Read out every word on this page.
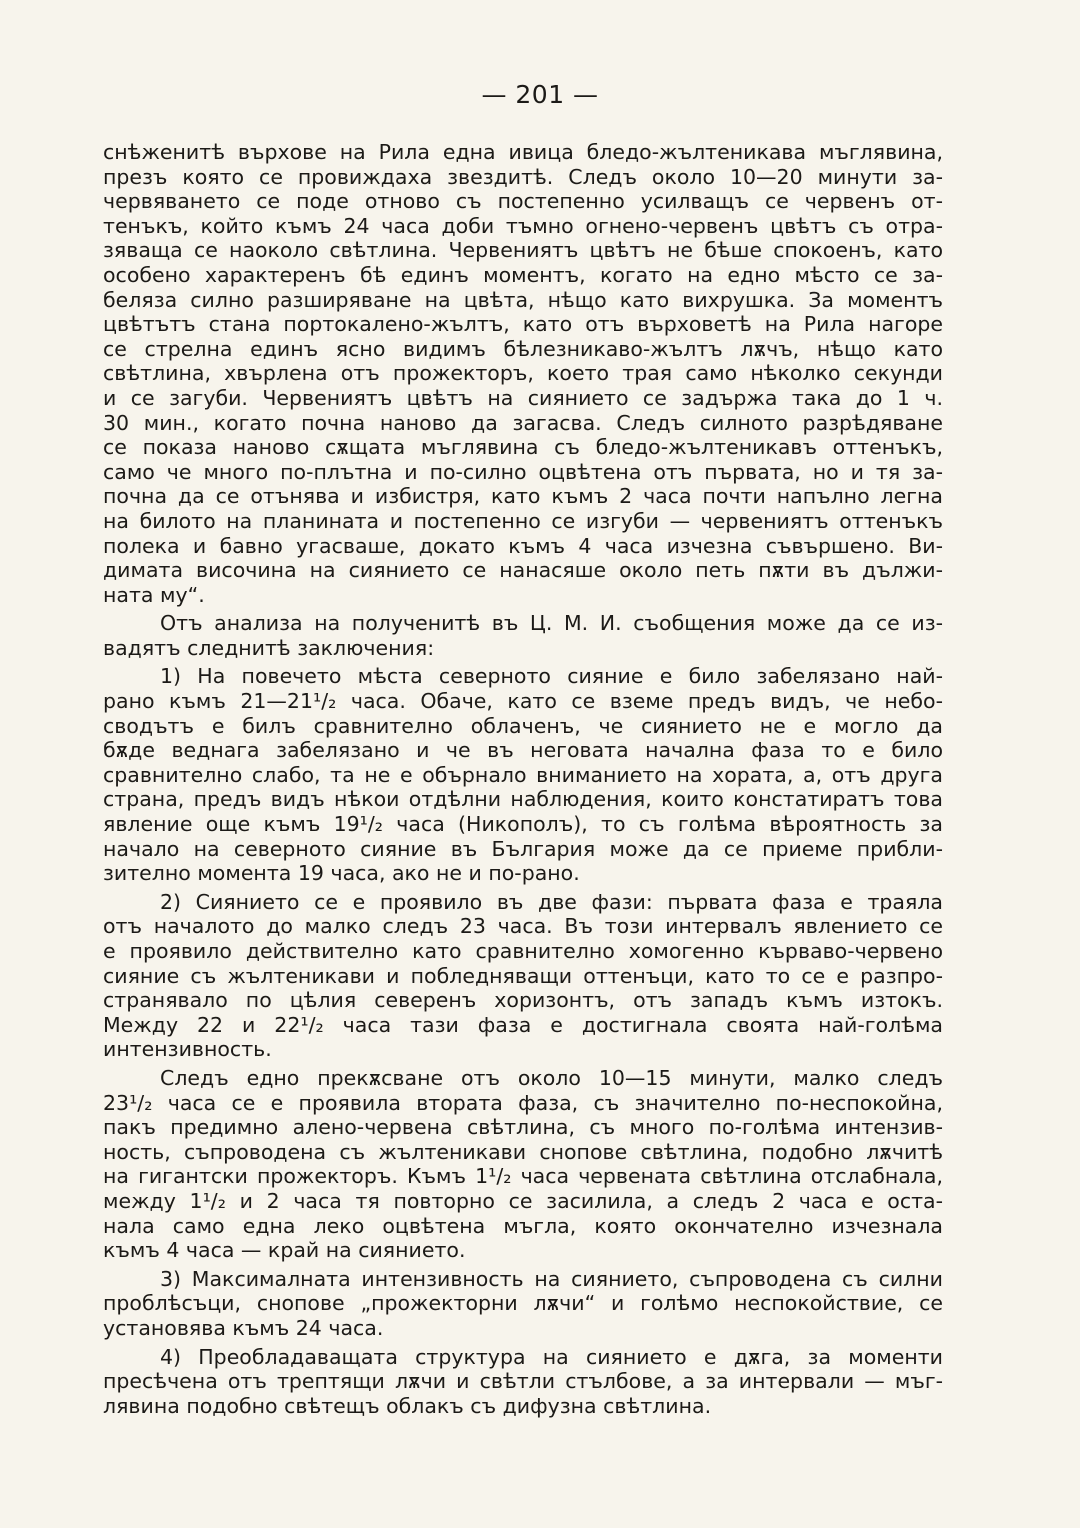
— 201 —
снѣженитѣ върхове на Рила една ивица бледо-жълтеникава мъглявина,
презъ която се провиждаха звездитѣ. Следъ около 10—20 минути за-
червяването се поде отново съ постепенно усилващъ се червенъ от-
тенъкъ, който къмъ 24 часа доби тъмно огнено-червенъ цвѣтъ съ отра-
зяваща се наоколо свѣтлина. Червениятъ цвѣтъ не бѣше спокоенъ, като
особено характеренъ бѣ единъ моментъ, когато на едно мѣсто се за-
беляза силно разширяване на цвѣта, нѣщо като вихрушка. За моментъ
цвѣтътъ стана портокалено-жълтъ, като отъ върховетѣ на Рила нагоре
се стрелна единъ ясно видимъ бѣлезникаво-жълтъ лѫчъ, нѣщо като
свѣтлина, хвърлена отъ прожекторъ, което трая само нѣколко секунди
и се загуби. Червениятъ цвѣтъ на сиянието се задържа така до 1 ч.
30 мин., когато почна наново да загасва. Следъ силното разрѣдяване
се показа наново сѫщата мъглявина съ бледо-жълтеникавъ оттенъкъ,
само че много по-плътна и по-силно оцвѣтена отъ първата, но и тя за-
почна да се отънява и избистря, като къмъ 2 часа почти напълно легна
на билото на планината и постепенно се изгуби — червениятъ оттенъкъ
полека и бавно угасваше, докато къмъ 4 часа изчезна съвършено. Ви-
димата височина на сиянието се нанасяше около петь пѫти въ дължи-
ната му“.
Отъ анализа на полученитѣ въ Ц. М. И. съобщения може да се из-
вадятъ следнитѣ заключения:
1) На повечето мѣста северното сияние е било забелязано най-
рано къмъ 21—21¹/₂ часа. Обаче, като се вземе предъ видъ, че небо-
сводътъ е билъ сравнително облаченъ, че сиянието не е могло да
бѫде веднага забелязано и че въ неговата начална фаза то е било
сравнително слабо, та не е обърнало вниманието на хората, а, отъ друга
страна, предъ видъ нѣкои отдѣлни наблюдения, които констатиратъ това
явление още къмъ 19¹/₂ часа (Никополъ), то съ голѣма вѣроятность за
начало на северното сияние въ България може да се приеме прибли-
зително момента 19 часа, ако не и по-рано.
2) Сиянието се е проявило въ две фази: първата фаза е траяла
отъ началото до малко следъ 23 часа. Въ този интервалъ явлението се
е проявило действително като сравнително хомогенно кърваво-червено
сияние съ жълтеникави и побледняващи оттенъци, като то се е разпро-
странявало по цѣлия северенъ хоризонтъ, отъ западъ къмъ изтокъ.
Между 22 и 22¹/₂ часа тази фаза е достигнала своята най-голѣма
интензивность.
Следъ едно прекѫсване отъ около 10—15 минути, малко следъ
23¹/₂ часа се е проявила втората фаза, съ значително по-неспокойна,
пакъ предимно алено-червена свѣтлина, съ много по-голѣма интензив-
ность, съпроводена съ жълтеникави снопове свѣтлина, подобно лѫчитѣ
на гигантски прожекторъ. Къмъ 1¹/₂ часа червената свѣтлина отслабнала,
между 1¹/₂ и 2 часа тя повторно се засилила, а следъ 2 часа е оста-
нала само една леко оцвѣтена мъгла, която окончателно изчезнала
къмъ 4 часа — край на сиянието.
3) Максималната интензивность на сиянието, съпроводена съ силни
проблѣсъци, снопове „прожекторни лѫчи“ и голѣмо неспокойствие, се
установява къмъ 24 часа.
4) Преобладаващата структура на сиянието е дѫга, за моменти
пресѣчена отъ трептящи лѫчи и свѣтли стълбове, а за интервали — мъг-
лявина подобно свѣтещъ облакъ съ дифузна свѣтлина.
